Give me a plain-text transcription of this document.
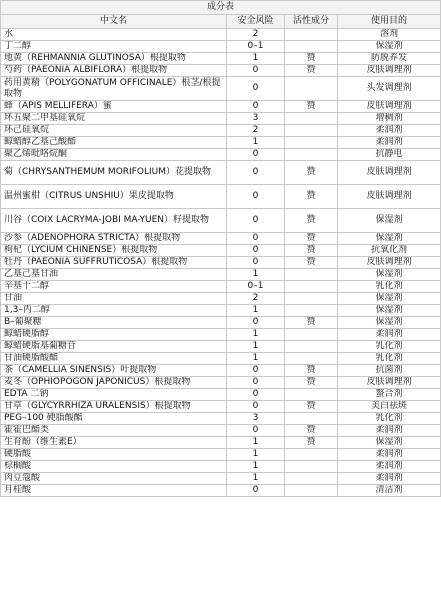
成分表			
中文名	安全风险	活性成分	使用目的
水	2		溶剂
丁二醇	0–1		保湿剂
地黄（REHMANNIA GLUTINOSA）根提取物	1	赞	防脱养发
芍药（PAEONIA ALBIFLORA）根提取物	0	赞	皮肤调理剂
药用黄精（POLYGONATUM OFFICINALE）根茎/根提取物	0		头发调理剂
蜂（APIS MELLIFERA）蜜	0	赞	皮肤调理剂
环五聚二甲基硅氧烷	3		增稠剂
环己硅氧烷	2		柔润剂
鲸蜡醇乙基己酸酯	1		柔润剂
聚乙烯吡咯烷酮	0		抗静电
菊（CHRYSANTHEMUM MORIFOLIUM）花提取物	0	赞	皮肤调理剂
温州蜜柑（CITRUS UNSHIU）果皮提取物	0	赞	皮肤调理剂
川谷（COIX LACRYMA-JOBI MA-YUEN）籽提取物	0	赞	保湿剂
沙参（ADENOPHORA STRICTA）根提取物	0	赞	保湿剂
枸杞（LYCIUM CHINENSE）根提取物	0	赞	抗氧化剂
牡丹（PAEONIA SUFFRUTICOSA）根提取物	0	赞	皮肤调理剂
乙基己基甘油	1		保湿剂
辛基十二醇	0–1		乳化剂
甘油	2		保湿剂
1,3–丙二醇	1		保湿剂
B–葡聚糖	0	赞	保湿剂
鲸蜡硬脂醇	1		柔润剂
鲸蜡硬脂基葡糖苷	1		乳化剂
甘油硬脂酸酯	1		乳化剂
茶（CAMELLIA SINENSIS）叶提取物	0	赞	抗菌剂
麦冬（OPHIOPOGON JAPONICUS）根提取物	0	赞	皮肤调理剂
EDTA 二钠	0		螯合剂
甘草（GLYCYRRHIZA URALENSIS）根提取物	0	赞	美白祛斑
PEG–100 硬脂酸酯	3		乳化剂
霍霍巴酯类	0	赞	柔润剂
生育酚（维生素E）	1	赞	保湿剂
硬脂酸	1		柔润剂
棕榈酸	1		柔润剂
肉豆蔻酸	1		柔润剂
月桂酸	0		清洁剂
